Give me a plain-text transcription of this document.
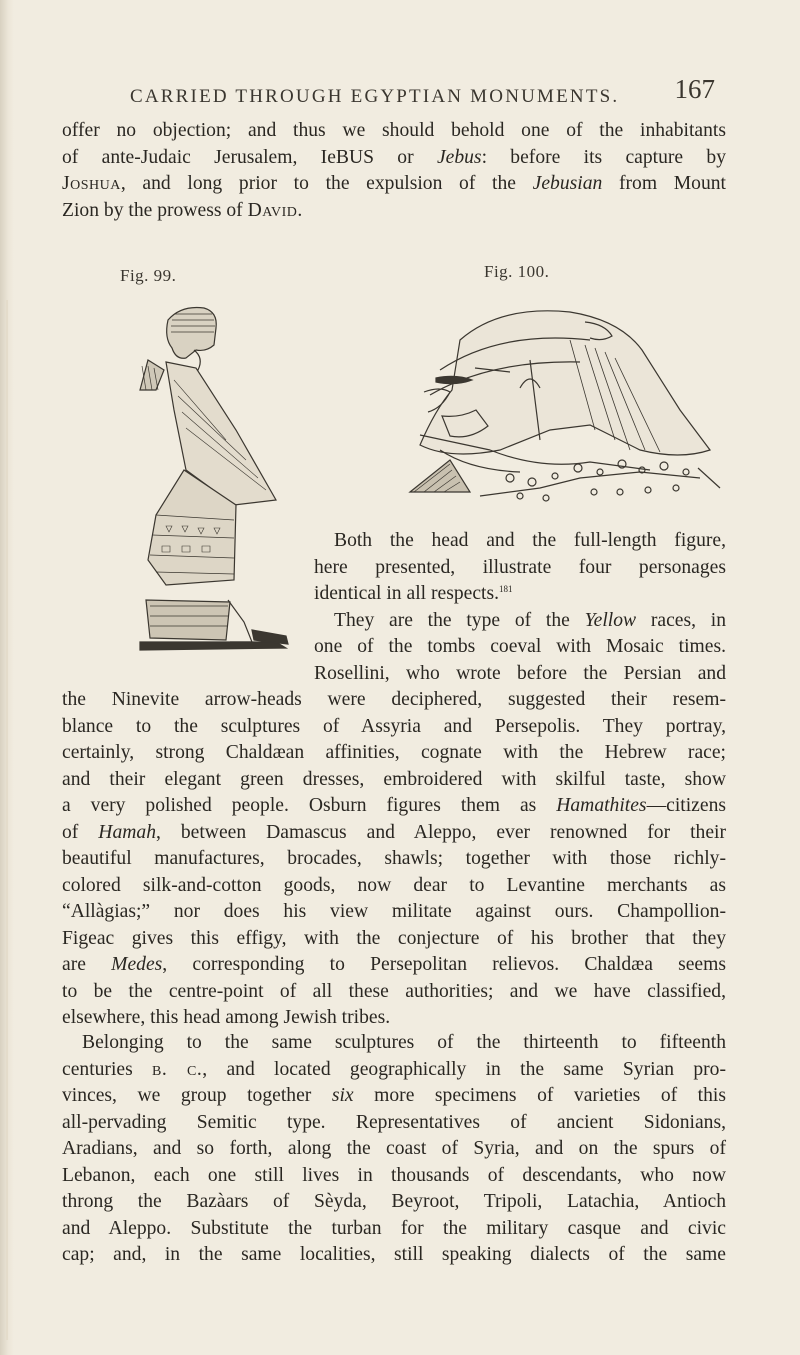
CARRIED THROUGH EGYPTIAN MONUMENTS. 167
offer no objection; and thus we should behold one of the inhabitants
of ante-Judaic Jerusalem, IeBUS or Jebus: before its capture by
Joshua, and long prior to the expulsion of the Jebusian from Mount
Zion by the prowess of David.
Fig. 99.	Fig. 100.
Both the head and the full-length figure,
here presented, illustrate four personages
identical in all respects.$^{181}$
They are the type of the Yellow races, in
one of the tombs coeval with Mosaic times.
Rosellini, who wrote before the Persian and
the Ninevite arrow-heads were deciphered, suggested their resem-
blance to the sculptures of Assyria and Persepolis. They portray,
certainly, strong Chaldæan affinities, cognate with the Hebrew race;
and their elegant green dresses, embroidered with skilful taste, show
a very polished people. Osburn figures them as Hamathites—citizens
of Hamah, between Damascus and Aleppo, ever renowned for their
beautiful manufactures, brocades, shawls; together with those richly-
colored silk-and-cotton goods, now dear to Levantine merchants as
“Allàgias;” nor does his view militate against ours. Champollion-
Figeac gives this effigy, with the conjecture of his brother that they
are Medes, corresponding to Persepolitan relievos. Chaldæa seems
to be the centre-point of all these authorities; and we have classified,
elsewhere, this head among Jewish tribes.
Belonging to the same sculptures of the thirteenth to fifteenth
centuries b. c., and located geographically in the same Syrian pro-
vinces, we group together six more specimens of varieties of this
all-pervading Semitic type. Representatives of ancient Sidonians,
Aradians, and so forth, along the coast of Syria, and on the spurs of
Lebanon, each one still lives in thousands of descendants, who now
throng the Bazàars of Sèyda, Beyroot, Tripoli, Latachia, Antioch
and Aleppo. Substitute the turban for the military casque and civic
cap; and, in the same localities, still speaking dialects of the same
